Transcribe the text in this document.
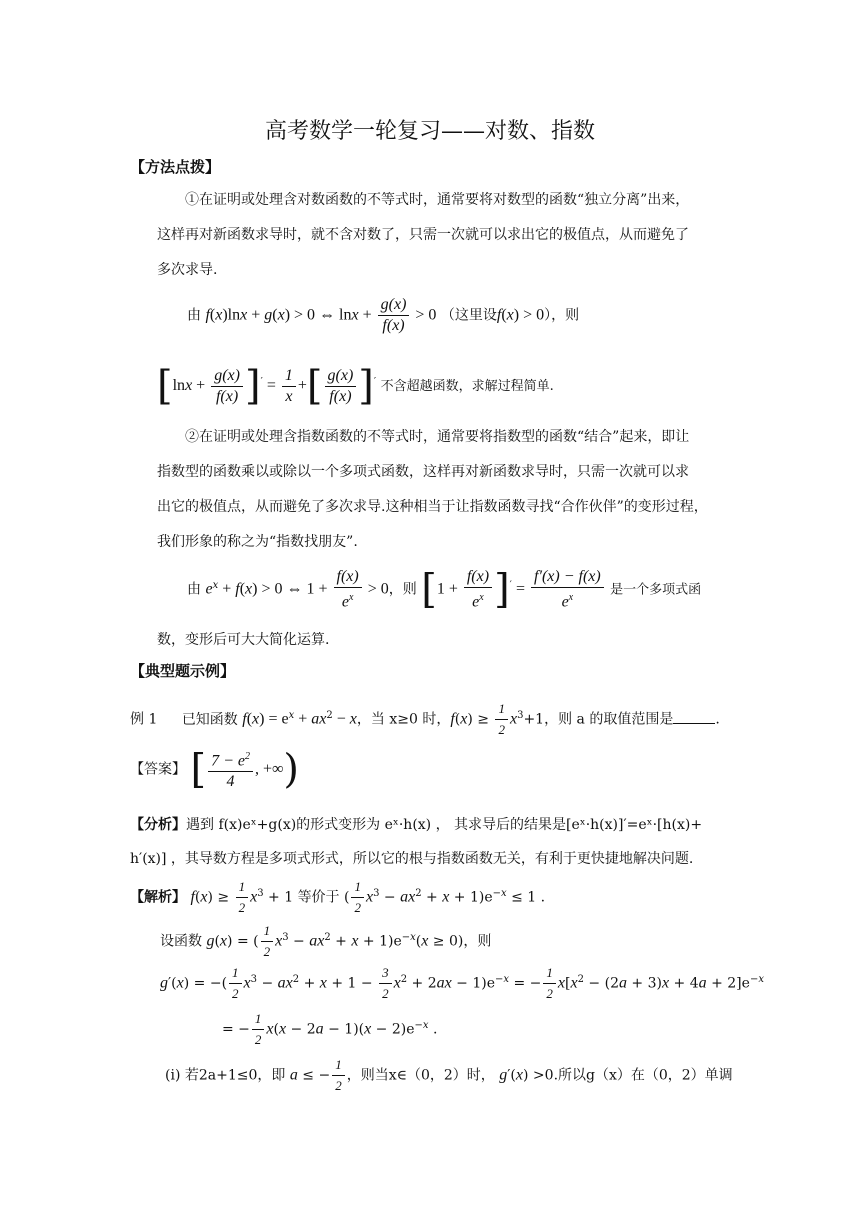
高考数学一轮复习——对数、指数
【方法点拨】
①在证明或处理含对数函数的不等式时，通常要将对数型的函数“独立分离”出来，
这样再对新函数求导时，就不含对数了，只需一次就可以求出它的极值点，从而避免了
多次求导.
由 f(x)lnx + g(x) > 0 ⇔ $\ln x + \frac{g(x)}{f(x)} > 0$ （这里设f(x) > 0），则
$[\ln x + \frac{g(x)}{f(x)} ]' = \frac{1}{x}$ +[ $\frac{g(x)}{f(x)} ]'$ 不含超越函数，求解过程简单.
②在证明或处理含指数函数的不等式时，通常要将指数型的函数“结合”起来，即让
指数型的函数乘以或除以一个多项式函数，这样再对新函数求导时，只需一次就可以求
出它的极值点，从而避免了多次求导.这种相当于让指数函数寻找“合作伙伴”的变形过程，
我们形象的称之为“指数找朋友”.
由 $e^x + f(x) > 0$ ⇔ $1 + \frac{f(x)}{e^x} > 0$，则 $[1 + \frac{f(x)}{e^x} ]' = \frac{f'(x) - f(x)}{e^x}$ 是一个多项式函
数，变形后可大大简化运算.
【典型题示例】
例 1 已知函数 $f(x) = e^x + ax^2 - x$，当 x≥0 时，$f(x) \ge \frac{1}{2} x^3+1$，则 a 的取值范围是	.
【答案】 [ $\frac{7 - e^2}{4}$ , +∞)
【分析】遇到 f(x)eˣ+g(x)的形式变形为 eˣ·h(x) ， 其求导后的结果是[eˣ·h(x)]′=eˣ·[h(x)+
h′(x)] ，其导数方程是多项式形式，所以它的根与指数函数无关，有利于更快捷地解决问题.
【解析】 $f(x) \ge \frac{1}{2} x^3 + 1$ 等价于 ( $\frac{1}{2} x^3 - ax^2 + x + 1)e^{-x} \le 1$ .
设函数 g(x) = ( $\frac{1}{2} x^3 - ax^2 + x + 1)e^{-x}(x \ge 0)$，则
g′(x) = −( $\frac{1}{2} x^3 - ax^2 + x + 1 - \frac{3}{2} x^2 + 2ax - 1)e^{-x}$ = − $\frac{1}{2} x[x^2 - (2a + 3)x + 4a + 2]e^{-x}$
= − $\frac{1}{2} x(x - 2a - 1)(x - 2)e^{-x}$ .
(i) 若2a+1≤0，即 a ≤ − $\frac{1}{2}$ ，则当x∈（0，2）时， g′(x) >0.所以g（x）在（0，2）单调
